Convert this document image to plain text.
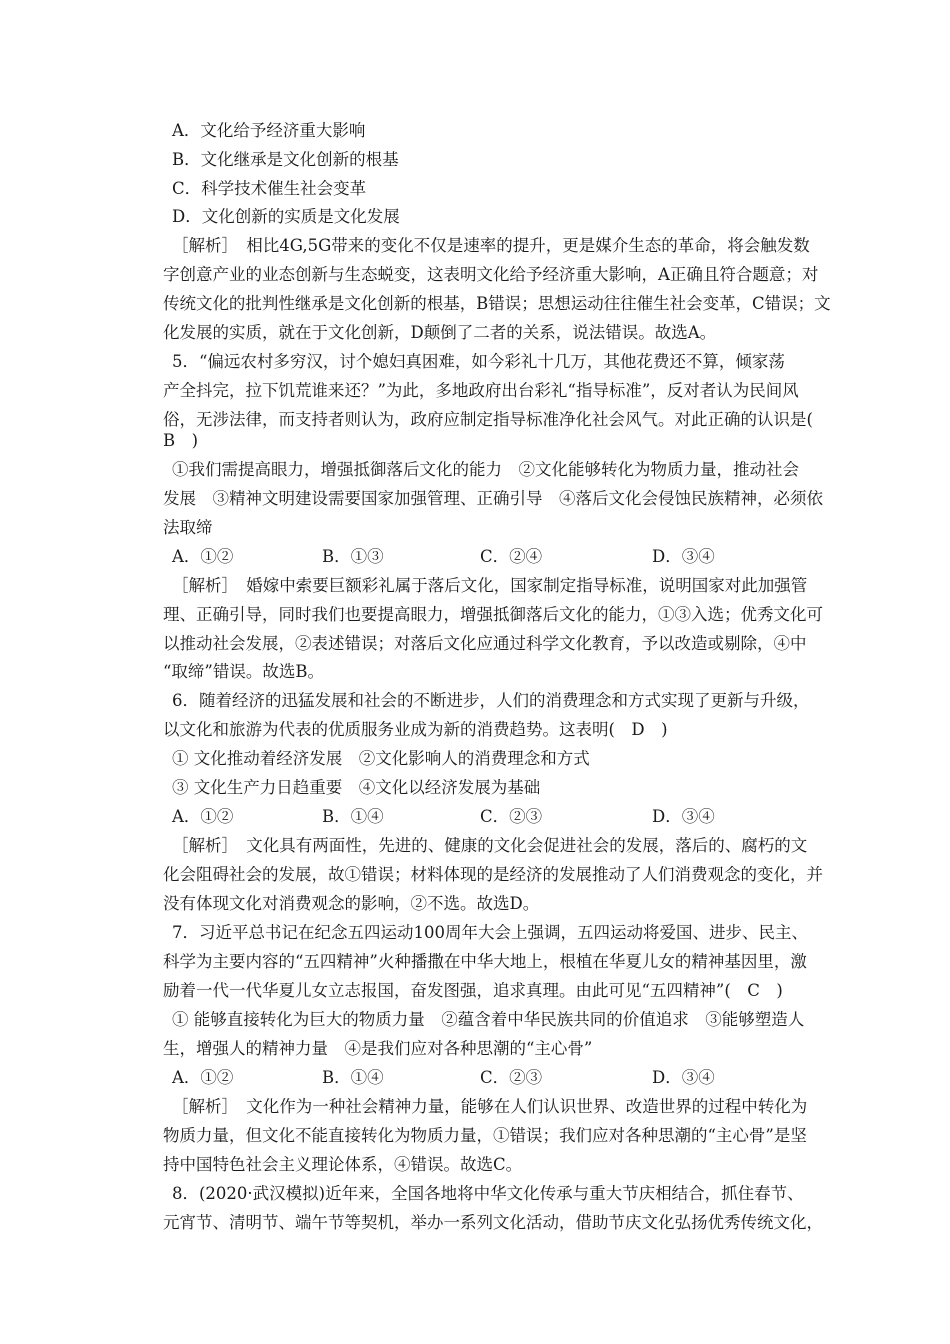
A．文化给予经济重大影响
B．文化继承是文化创新的根基
C．科学技术催生社会变革
D．文化创新的实质是文化发展
［解析］　相比4G,5G带来的变化不仅是速率的提升，更是媒介生态的革命，将会触发数
字创意产业的业态创新与生态蜕变，这表明文化给予经济重大影响，A正确且符合题意；对
传统文化的批判性继承是文化创新的根基，B错误；思想运动往往催生社会变革，C错误；文
化发展的实质，就在于文化创新，D颠倒了二者的关系，说法错误。故选A。
5．“偏远农村多穷汉，讨个媳妇真困难，如今彩礼十几万，其他花费还不算，倾家荡
产全抖完，拉下饥荒谁来还？”为此，多地政府出台彩礼“指导标准”，反对者认为民间风
俗，无涉法律，而支持者则认为，政府应制定指导标准净化社会风气。对此正确的认识是(
B　)
①我们需提高眼力，增强抵御落后文化的能力　②文化能够转化为物质力量，推动社会
发展　③精神文明建设需要国家加强管理、正确引导　④落后文化会侵蚀民族精神，必须依
法取缔
A．①②	B．①③	C．②④	D．③④
［解析］　婚嫁中索要巨额彩礼属于落后文化，国家制定指导标准，说明国家对此加强管
理、正确引导，同时我们也要提高眼力，增强抵御落后文化的能力，①③入选；优秀文化可
以推动社会发展，②表述错误；对落后文化应通过科学文化教育，予以改造或剔除，④中
“取缔”错误。故选B。
6．随着经济的迅猛发展和社会的不断进步，人们的消费理念和方式实现了更新与升级，
以文化和旅游为代表的优质服务业成为新的消费趋势。这表明(　D　)
① 文化推动着经济发展　②文化影响人的消费理念和方式
③ 文化生产力日趋重要　④文化以经济发展为基础
A．①②	B．①④	C．②③	D．③④
［解析］　文化具有两面性，先进的、健康的文化会促进社会的发展，落后的、腐朽的文
化会阻碍社会的发展，故①错误；材料体现的是经济的发展推动了人们消费观念的变化，并
没有体现文化对消费观念的影响，②不选。故选D。
7．习近平总书记在纪念五四运动100周年大会上强调，五四运动将爱国、进步、民主、
科学为主要内容的“五四精神”火种播撒在中华大地上，根植在华夏儿女的精神基因里，激
励着一代一代华夏儿女立志报国，奋发图强，追求真理。由此可见“五四精神”(　C　)
① 能够直接转化为巨大的物质力量　②蕴含着中华民族共同的价值追求　③能够塑造人
生，增强人的精神力量　④是我们应对各种思潮的“主心骨”
A．①②	B．①④	C．②③	D．③④
［解析］　文化作为一种社会精神力量，能够在人们认识世界、改造世界的过程中转化为
物质力量，但文化不能直接转化为物质力量，①错误；我们应对各种思潮的“主心骨”是坚
持中国特色社会主义理论体系，④错误。故选C。
8．(2020·武汉模拟)近年来，全国各地将中华文化传承与重大节庆相结合，抓住春节、
元宵节、清明节、端午节等契机，举办一系列文化活动，借助节庆文化弘扬优秀传统文化，
